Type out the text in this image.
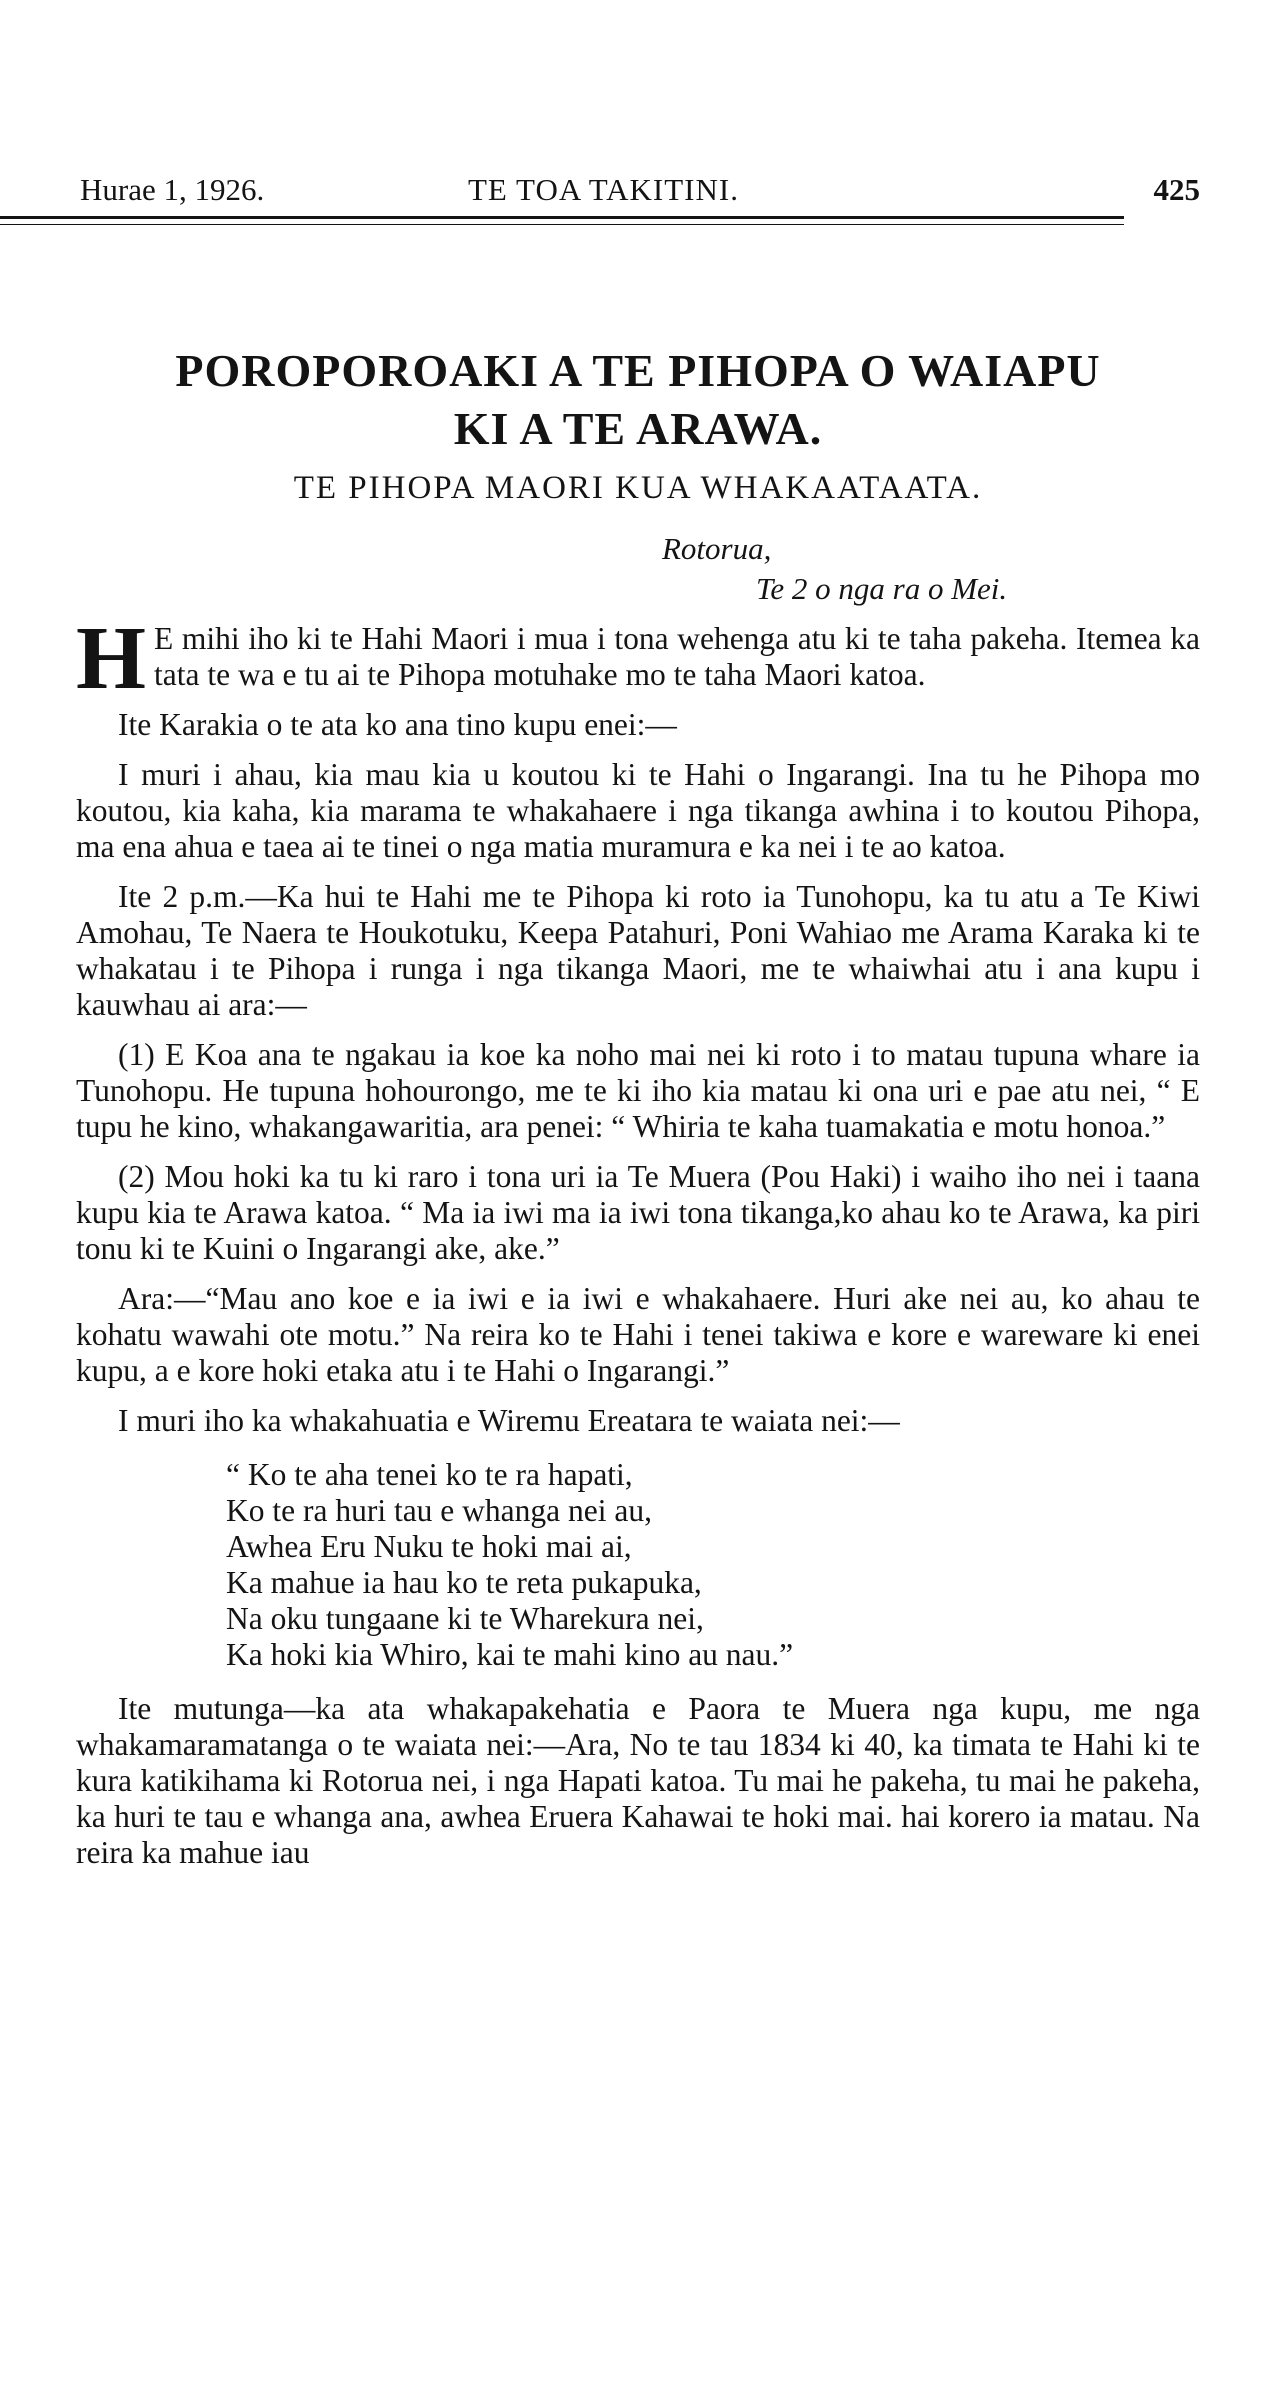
Hurae 1, 1926.	TE TOA TAKITINI.	425
POROPOROAKI A TE PIHOPA O WAIAPU
KI A TE ARAWA.
TE PIHOPA MAORI KUA WHAKAATAATA.
Rotorua,
Te 2 o nga ra o Mei.

H E mihi iho ki te Hahi Maori i mua i tona wehenga atu ki te taha pakeha. Itemea ka tata te wa e tu ai te Pihopa motuhake mo te taha Maori katoa.

Ite Karakia o te ata ko ana tino kupu enei:—

I muri i ahau, kia mau kia u koutou ki te Hahi o Ingarangi. Ina tu he Pihopa mo koutou, kia kaha, kia marama te whakahaere i nga tikanga awhina i to koutou Pihopa, ma ena ahua e taea ai te tinei o nga matia muramura e ka nei i te ao katoa.

Ite 2 p.m.—Ka hui te Hahi me te Pihopa ki roto ia Tunohopu, ka tu atu a Te Kiwi Amohau, Te Naera te Houkotuku, Keepa Patahuri, Poni Wahiao me Arama Karaka ki te whakatau i te Pihopa i runga i nga tikanga Maori, me te whaiwhai atu i ana kupu i kauwhau ai ara:—

(1) E Koa ana te ngakau ia koe ka noho mai nei ki roto i to matau tupuna whare ia Tunohopu. He tupuna hohourongo, me te ki iho kia matau ki ona uri e pae atu nei, “ E tupu he kino, whakangawaritia, ara penei: “ Whiria te kaha tuamakatia e motu honoa.”

(2) Mou hoki ka tu ki raro i tona uri ia Te Muera (Pou Haki) i waiho iho nei i taana kupu kia te Arawa katoa. “ Ma ia iwi ma ia iwi tona tikanga,ko ahau ko te Arawa, ka piri tonu ki te Kuini o Ingarangi ake, ake.”

Ara:—“Mau ano koe e ia iwi e ia iwi e whakahaere. Huri ake nei au, ko ahau te kohatu wawahi ote motu.” Na reira ko te Hahi i tenei takiwa e kore e wareware ki enei kupu, a e kore hoki etaka atu i te Hahi o Ingarangi.”

I muri iho ka whakahuatia e Wiremu Ereatara te waiata nei:—

“ Ko te aha tenei ko te ra hapati,
Ko te ra huri tau e whanga nei au,
Awhea Eru Nuku te hoki mai ai,
Ka mahue ia hau ko te reta pukapuka,
Na oku tungaane ki te Wharekura nei,
Ka hoki kia Whiro, kai te mahi kino au nau.”

Ite mutunga—ka ata whakapakehatia e Paora te Muera nga kupu, me nga whakamaramatanga o te waiata nei:—Ara, No te tau 1834 ki 40, ka timata te Hahi ki te kura katikihama ki Rotorua nei, i nga Hapati katoa. Tu mai he pakeha, tu mai he pakeha, ka huri te tau e whanga ana, awhea Eruera Kahawai te hoki mai. hai korero ia matau. Na reira ka mahue iau
